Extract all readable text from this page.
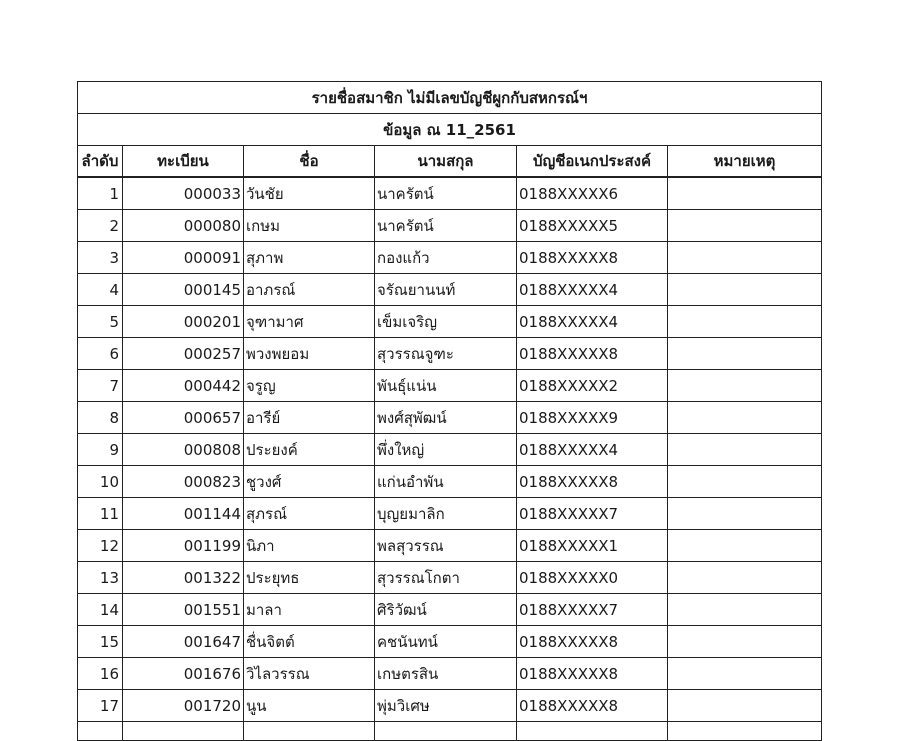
รายชื่อสมาชิก ไม่มีเลขบัญชีผูกกับสหกรณ์ฯ					
ข้อมูล ณ 11_2561					
ลำดับ	ทะเบียน	ชื่อ	นามสกุล	บัญชีอเนกประสงค์	หมายเหตุ
1	000033	วันชัย	นาครัตน์	0188XXXXX6	
2	000080	เกษม	นาครัตน์	0188XXXXX5	
3	000091	สุภาพ	กองแก้ว	0188XXXXX8	
4	000145	อาภรณ์	จรัณยานนท์	0188XXXXX4	
5	000201	จุฑามาศ	เข็มเจริญ	0188XXXXX4	
6	000257	พวงพยอม	สุวรรณจูฑะ	0188XXXXX8	
7	000442	จรูญ	พันธุ์แน่น	0188XXXXX2	
8	000657	อารีย์	พงศ์สุพัฒน์	0188XXXXX9	
9	000808	ประยงค์	พึ่งใหญ่	0188XXXXX4	
10	000823	ชูวงศ์	แก่นอำพัน	0188XXXXX8	
11	001144	สุภรณ์	บุญยมาลิก	0188XXXXX7	
12	001199	นิภา	พลสุวรรณ	0188XXXXX1	
13	001322	ประยุทธ	สุวรรณโกตา	0188XXXXX0	
14	001551	มาลา	ศิริวัฒน์	0188XXXXX7	
15	001647	ชื่นจิตต์	คชนันทน์	0188XXXXX8	
16	001676	วิไลวรรณ	เกษตรสิน	0188XXXXX8	
17	001720	นูน	พุ่มวิเศษ	0188XXXXX8	
